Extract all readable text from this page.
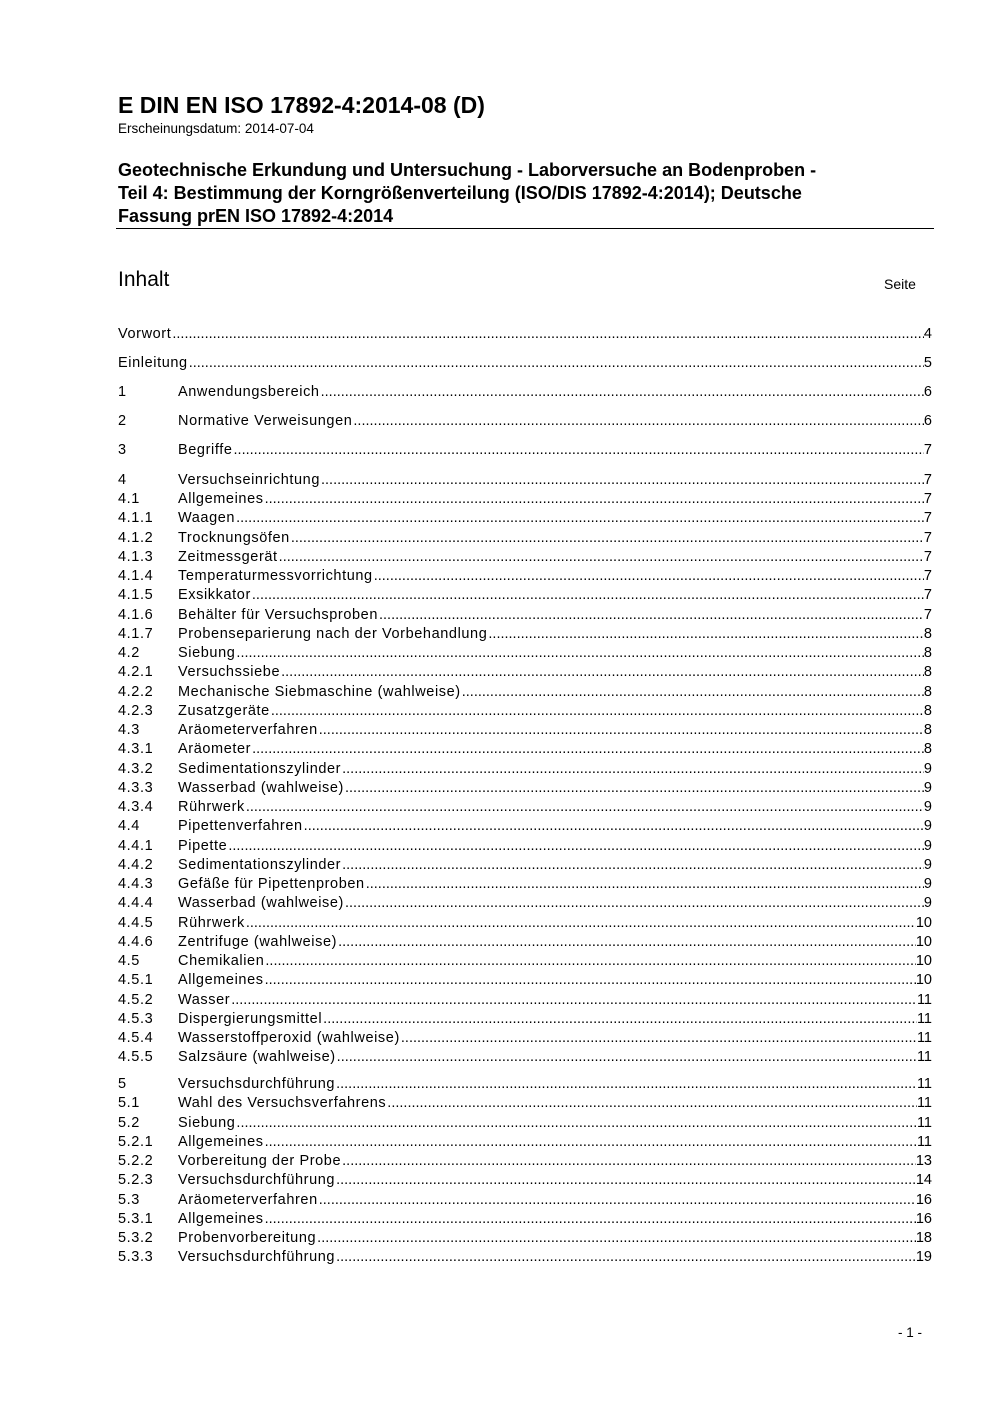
E DIN EN ISO 17892-4:2014-08 (D)
Erscheinungsdatum: 2014-07-04
Geotechnische Erkundung und Untersuchung - Laborversuche an Bodenproben -
Teil 4: Bestimmung der Korngrößenverteilung (ISO/DIS 17892-4:2014); Deutsche
Fassung prEN ISO 17892-4:2014
Inhalt	Seite
Vorwort .....	4
Einleitung .....	5
1	Anwendungsbereich .....	6
2	Normative Verweisungen .....	6
3	Begriffe .....	7
4	Versuchseinrichtung .....	7
4.1	Allgemeines .....	7
4.1.1	Waagen .....	7
4.1.2	Trocknungsöfen .....	7
4.1.3	Zeitmessgerät .....	7
4.1.4	Temperaturmessvorrichtung .....	7
4.1.5	Exsikkator .....	7
4.1.6	Behälter für Versuchsproben .....	7
4.1.7	Probenseparierung nach der Vorbehandlung .....	8
4.2	Siebung .....	8
4.2.1	Versuchssiebe .....	8
4.2.2	Mechanische Siebmaschine (wahlweise) .....	8
4.2.3	Zusatzgeräte .....	8
4.3	Aräometerverfahren .....	8
4.3.1	Aräometer .....	8
4.3.2	Sedimentationszylinder .....	9
4.3.3	Wasserbad (wahlweise) .....	9
4.3.4	Rührwerk .....	9
4.4	Pipettenverfahren .....	9
4.4.1	Pipette .....	9
4.4.2	Sedimentationszylinder .....	9
4.4.3	Gefäße für Pipettenproben .....	9
4.4.4	Wasserbad (wahlweise) .....	9
4.4.5	Rührwerk .....	10
4.4.6	Zentrifuge (wahlweise) .....	10
4.5	Chemikalien .....	10
4.5.1	Allgemeines .....	10
4.5.2	Wasser .....	11
4.5.3	Dispergierungsmittel .....	11
4.5.4	Wasserstoffperoxid (wahlweise) .....	11
4.5.5	Salzsäure (wahlweise) .....	11
5	Versuchsdurchführung .....	11
5.1	Wahl des Versuchsverfahrens .....	11
5.2	Siebung .....	11
5.2.1	Allgemeines .....	11
5.2.2	Vorbereitung der Probe .....	13
5.2.3	Versuchsdurchführung .....	14
5.3	Aräometerverfahren .....	16
5.3.1	Allgemeines .....	16
5.3.2	Probenvorbereitung .....	18
5.3.3	Versuchsdurchführung .....	19
- 1 -
